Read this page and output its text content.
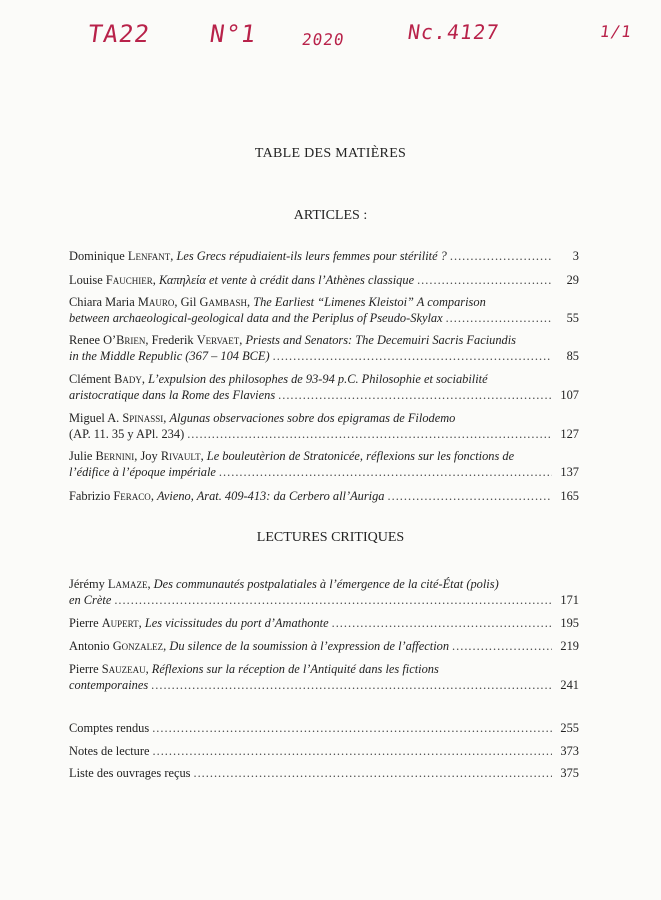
TA22 N°1	2020	Nc.4127	1/1
TABLE DES MATIÈRES
ARTICLES :
Dominique Lenfant, Les Grecs répudiaient-ils leurs femmes pour stérilité ? .....	3
Louise Fauchier, Καπηλεία et vente à crédit dans l’Athènes classique .....	29
Chiara Maria Mauro, Gil Gambash, The Earliest “Limenes Kleistoi” A comparison
between archaeological-geological data and the Periplus of Pseudo-Skylax .....	55
Renee O’Brien, Frederik Vervaet, Priests and Senators: The Decemuiri Sacris Faciundis
in the Middle Republic (367 – 104 BCE) .....	85
Clément Bady, L’expulsion des philosophes de 93-94 p.C. Philosophie et sociabilité
aristocratique dans la Rome des Flaviens .....	107
Miguel A. Spinassi, Algunas observaciones sobre dos epigramas de Filodemo
(AP. 11. 35 y APl. 234) .....	127
Julie Bernini, Joy Rivault, Le bouleutèrion de Stratonicée, réflexions sur les fonctions de
l’édifice à l’époque impériale .....	137
Fabrizio Feraco, Avieno, Arat. 409-413: da Cerbero all’Auriga .....	165
LECTURES CRITIQUES
Jérémy Lamaze, Des communautés postpalatiales à l’émergence de la cité-État (polis)
en Crète .....	171
Pierre Aupert, Les vicissitudes du port d’Amathonte .....	195
Antonio Gonzalez, Du silence de la soumission à l’expression de l’affection .....	219
Pierre Sauzeau, Réflexions sur la réception de l’Antiquité dans les fictions
contemporaines .....	241
Comptes rendus .....	255
Notes de lecture .....	373
Liste des ouvrages reçus .....	375
